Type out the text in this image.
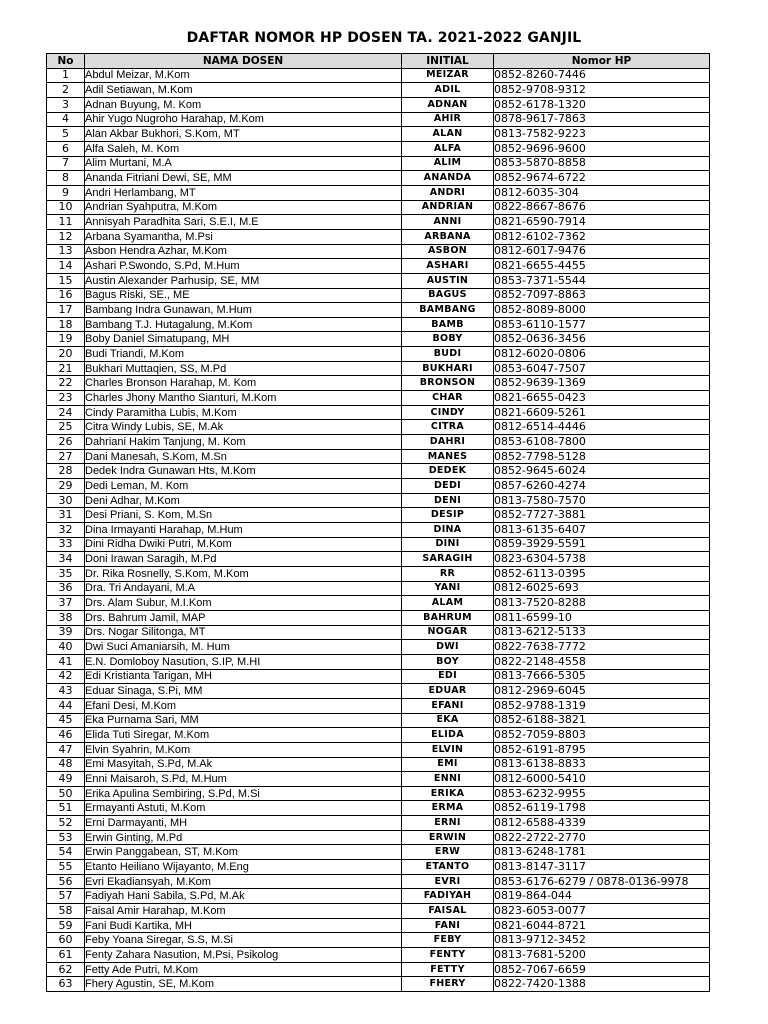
DAFTAR NOMOR HP DOSEN TA. 2021-2022 GANJIL
No	NAMA DOSEN	INITIAL	Nomor HP
1	Abdul Meizar, M.Kom	MEIZAR	0852-8260-7446
2	Adil Setiawan, M.Kom	ADIL	0852-9708-9312
3	Adnan Buyung, M. Kom	ADNAN	0852-6178-1320
4	Ahir Yugo Nugroho Harahap, M.Kom	AHIR	0878-9617-7863
5	Alan Akbar Bukhori, S.Kom, MT	ALAN	0813-7582-9223
6	Alfa Saleh, M. Kom	ALFA	0852-9696-9600
7	Alim Murtani, M.A	ALIM	0853-5870-8858
8	Ananda Fitriani Dewi, SE, MM	ANANDA	0852-9674-6722
9	Andri Herlambang, MT	ANDRI	0812-6035-304
10	Andrian Syahputra, M.Kom	ANDRIAN	0822-8667-8676
11	Annisyah Paradhita Sari, S.E.I, M.E	ANNI	0821-6590-7914
12	Arbana Syamantha, M.Psi	ARBANA	0812-6102-7362
13	Asbon Hendra Azhar, M.Kom	ASBON	0812-6017-9476
14	Ashari P.Swondo, S.Pd, M.Hum	ASHARI	0821-6655-4455
15	Austin Alexander Parhusip, SE, MM	AUSTIN	0853-7371-5544
16	Bagus Riski, SE., ME	BAGUS	0852-7097-8863
17	Bambang Indra Gunawan, M.Hum	BAMBANG	0852-8089-8000
18	Bambang T.J. Hutagalung, M.Kom	BAMB	0853-6110-1577
19	Boby Daniel Simatupang, MH	BOBY	0852-0636-3456
20	Budi Triandi, M.Kom	BUDI	0812-6020-0806
21	Bukhari Muttaqien, SS, M.Pd	BUKHARI	0853-6047-7507
22	Charles Bronson Harahap, M. Kom	BRONSON	0852-9639-1369
23	Charles Jhony Mantho Sianturi, M.Kom	CHAR	0821-6655-0423
24	Cindy Paramitha Lubis, M.Kom	CINDY	0821-6609-5261
25	Citra Windy Lubis, SE, M.Ak	CITRA	0812-6514-4446
26	Dahriani Hakim Tanjung, M. Kom	DAHRI	0853-6108-7800
27	Dani Manesah, S.Kom, M.Sn	MANES	0852-7798-5128
28	Dedek Indra Gunawan Hts, M.Kom	DEDEK	0852-9645-6024
29	Dedi Leman, M. Kom	DEDI	0857-6260-4274
30	Deni Adhar, M.Kom	DENI	0813-7580-7570
31	Desi Priani, S. Kom, M.Sn	DESIP	0852-7727-3881
32	Dina Irmayanti Harahap, M.Hum	DINA	0813-6135-6407
33	Dini Ridha Dwiki Putri, M.Kom	DINI	0859-3929-5591
34	Doni Irawan Saragih, M.Pd	SARAGIH	0823-6304-5738
35	Dr. Rika Rosnelly, S.Kom, M.Kom	RR	0852-6113-0395
36	Dra. Tri Andayani, M.A	YANI	0812-6025-693
37	Drs. Alam Subur, M.I.Kom	ALAM	0813-7520-8288
38	Drs. Bahrum Jamil, MAP	BAHRUM	0811-6599-10
39	Drs. Nogar Silitonga, MT	NOGAR	0813-6212-5133
40	Dwi Suci Amaniarsih, M. Hum	DWI	0822-7638-7772
41	E.N. Domloboy Nasution, S.IP, M.HI	BOY	0822-2148-4558
42	Edi Kristianta Tarigan, MH	EDI	0813-7666-5305
43	Eduar Sinaga, S.Pi, MM	EDUAR	0812-2969-6045
44	Efani Desi, M.Kom	EFANI	0852-9788-1319
45	Eka Purnama Sari, MM	EKA	0852-6188-3821
46	Elida Tuti Siregar, M.Kom	ELIDA	0852-7059-8803
47	Elvin Syahrin, M.Kom	ELVIN	0852-6191-8795
48	Emi Masyitah, S.Pd, M.Ak	EMI	0813-6138-8833
49	Enni Maisaroh, S.Pd, M.Hum	ENNI	0812-6000-5410
50	Erika Apulina Sembiring, S.Pd, M.Si	ERIKA	0853-6232-9955
51	Ermayanti Astuti, M.Kom	ERMA	0852-6119-1798
52	Erni Darmayanti, MH	ERNI	0812-6588-4339
53	Erwin Ginting, M.Pd	ERWIN	0822-2722-2770
54	Erwin Panggabean, ST, M.Kom	ERW	0813-6248-1781
55	Etanto Heiliano Wijayanto, M.Eng	ETANTO	0813-8147-3117
56	Evri Ekadiansyah, M.Kom	EVRI	0853-6176-6279 / 0878-0136-9978
57	Fadiyah Hani Sabila, S.Pd, M.Ak	FADIYAH	0819-864-044
58	Faisal Amir Harahap, M.Kom	FAISAL	0823-6053-0077
59	Fani Budi Kartika, MH	FANI	0821-6044-8721
60	Feby Yoana Siregar, S.S, M.Si	FEBY	0813-9712-3452
61	Fenty Zahara Nasution, M.Psi, Psikolog	FENTY	0813-7681-5200
62	Fetty Ade Putri, M.Kom	FETTY	0852-7067-6659
63	Fhery Agustin, SE, M.Kom	FHERY	0822-7420-1388
